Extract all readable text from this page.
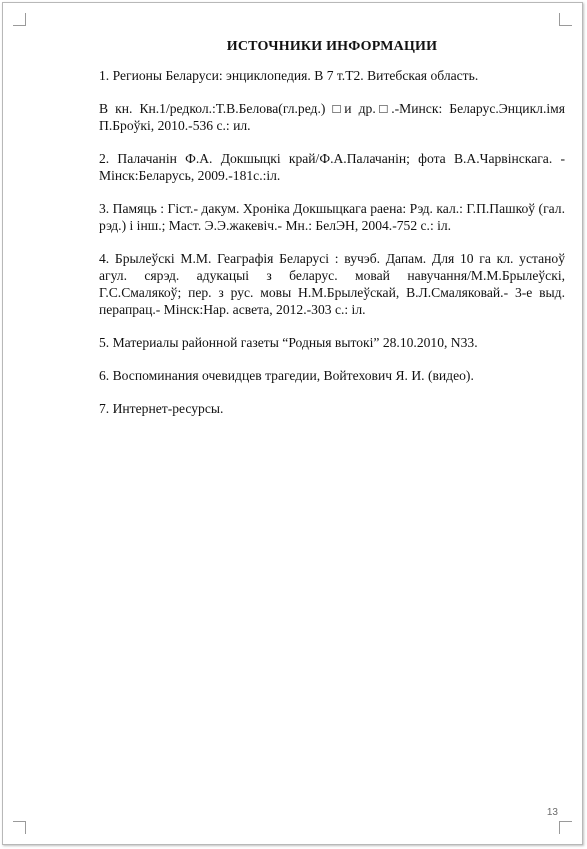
ИСТОЧНИКИ ИНФОРМАЦИИ

1. Регионы Беларуси: энциклопедия. В 7 т.Т2. Витебская область.

В кн. Кн.1/редкол.:Т.В.Белова(гл.ред.) □и др.□.-Минск: Беларус.Энцикл.імя П.Броўкі, 2010.-536 с.: ил.

2. Палачанін Ф.А. Докшыцкі край/Ф.А.Палачанін; фота В.А.Чарвінскага. - Мінск:Беларусь, 2009.-181с.:іл.

3. Памяць : Гіст.- дакум. Хроніка Докшыцкага раена: Рэд. кал.: Г.П.Пашкоў (гал. рэд.) і інш.; Маст. Э.Э.жакевіч.- Мн.: БелЭН, 2004.-752 с.: іл.

4. Брылеўскі М.М. Геаграфія Беларусі : вучэб. Дапам. Для 10 га кл. устаноў агул. сярэд. адукацыі з беларус. мовай навучання/М.М.Брылеўскі, Г.С.Смалякоў; пер. з рус. мовы Н.М.Брылеўскай, В.Л.Смаляковай.- 3-е выд. перапрац.- Мінск:Нар. асвета, 2012.-303 с.: іл.

5. Материалы районной газеты “Родныя вытокі” 28.10.2010, N33.

6. Воспоминания очевидцев трагедии, Войтехович Я. И. (видео).

7. Интернет-ресурсы.

13
